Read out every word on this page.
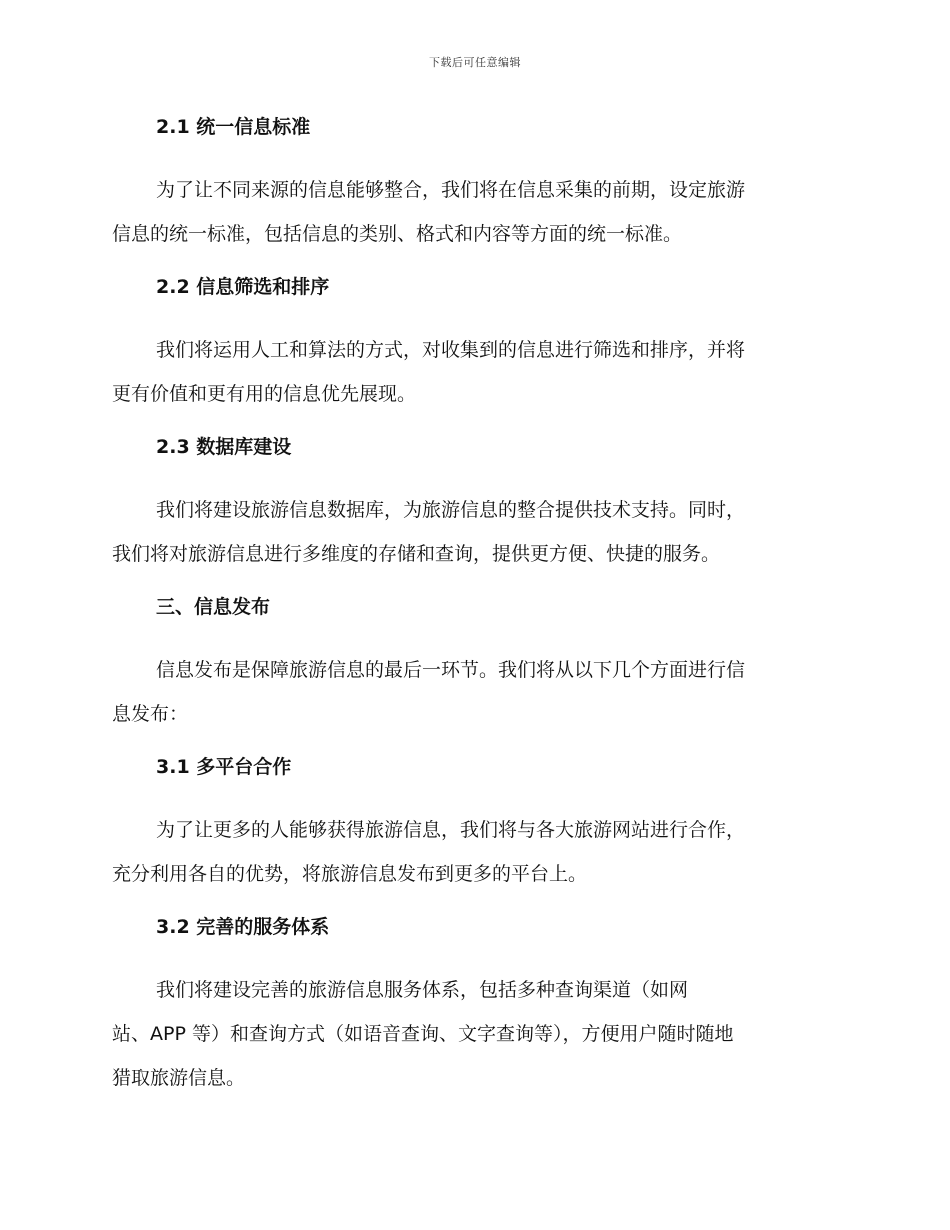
下载后可任意编辑
2.1 统一信息标准

为了让不同来源的信息能够整合，我们将在信息采集的前期，设定旅游
信息的统一标准，包括信息的类别、格式和内容等方面的统一标准。

2.2 信息筛选和排序

我们将运用人工和算法的方式，对收集到的信息进行筛选和排序，并将
更有价值和更有用的信息优先展现。

2.3 数据库建设

我们将建设旅游信息数据库，为旅游信息的整合提供技术支持。同时，
我们将对旅游信息进行多维度的存储和查询，提供更方便、快捷的服务。

三、信息发布

信息发布是保障旅游信息的最后一环节。我们将从以下几个方面进行信
息发布：

3.1 多平台合作

为了让更多的人能够获得旅游信息，我们将与各大旅游网站进行合作，
充分利用各自的优势，将旅游信息发布到更多的平台上。

3.2 完善的服务体系

我们将建设完善的旅游信息服务体系，包括多种查询渠道（如网
站、APP 等）和查询方式（如语音查询、文字查询等），方便用户随时随地
猎取旅游信息。
